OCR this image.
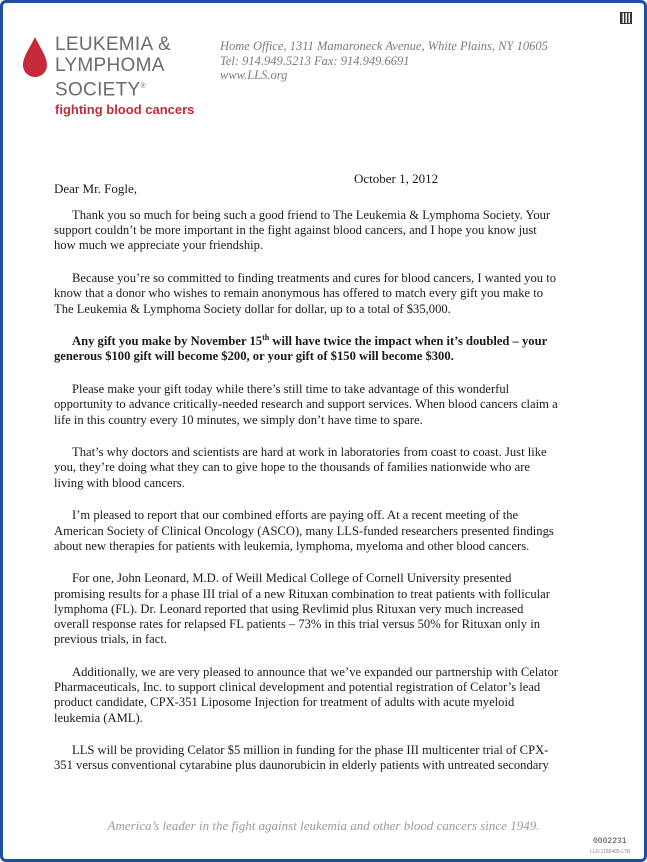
LEUKEMIA &
LYMPHOMA
SOCIETY®
fighting blood cancers
Home Office, 1311 Mamaroneck Avenue, White Plains, NY 10605
Tel: 914.949.5213 Fax: 914.949.6691
www.LLS.org
October 1, 2012
Dear Mr. Fogle,

Thank you so much for being such a good friend to The Leukemia & Lymphoma Society. Your support couldn’t be more important in the fight against blood cancers, and I hope you know just how much we appreciate your friendship.

Because you’re so committed to finding treatments and cures for blood cancers, I wanted you to know that a donor who wishes to remain anonymous has offered to match every gift you make to The Leukemia & Lymphoma Society dollar for dollar, up to a total of $35,000.

Any gift you make by November 15th will have twice the impact when it’s doubled – your generous $100 gift will become $200, or your gift of $150 will become $300.

Please make your gift today while there’s still time to take advantage of this wonderful opportunity to advance critically-needed research and support services. When blood cancers claim a life in this country every 10 minutes, we simply don’t have time to spare.

That’s why doctors and scientists are hard at work in laboratories from coast to coast. Just like you, they’re doing what they can to give hope to the thousands of families nationwide who are living with blood cancers.

I’m pleased to report that our combined efforts are paying off. At a recent meeting of the American Society of Clinical Oncology (ASCO), many LLS-funded researchers presented findings about new therapies for patients with leukemia, lymphoma, myeloma and other blood cancers.

For one, John Leonard, M.D. of Weill Medical College of Cornell University presented promising results for a phase III trial of a new Rituxan combination to treat patients with follicular lymphoma (FL). Dr. Leonard reported that using Revlimid plus Rituxan very much increased overall response rates for relapsed FL patients – 73% in this trial versus 50% for Rituxan only in previous trials, in fact.

Additionally, we are very pleased to announce that we’ve expanded our partnership with Celator Pharmaceuticals, Inc. to support clinical development and potential registration of Celator’s lead product candidate, CPX-351 Liposome Injection for treatment of adults with acute myeloid leukemia (AML).

LLS will be providing Celator $5 million in funding for the phase III multicenter trial of CPX-351 versus conventional cytarabine plus daunorubicin in elderly patients with untreated secondary

America’s leader in the fight against leukemia and other blood cancers since 1949.
0002231
LLS-1158485-LTR
